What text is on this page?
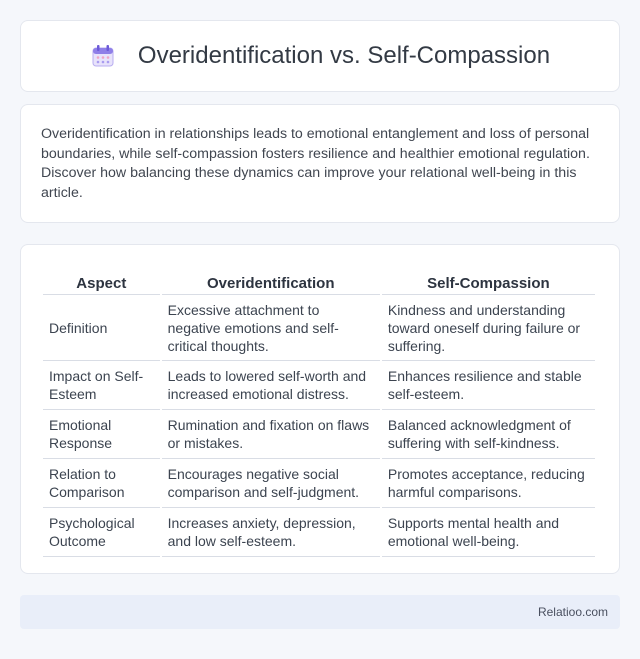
Overidentification vs. Self-Compassion

Overidentification in relationships leads to emotional entanglement and loss of personal boundaries, while self-compassion fosters resilience and healthier emotional regulation. Discover how balancing these dynamics can improve your relational well-being in this article.

Aspect	Overidentification	Self-Compassion
Definition	Excessive attachment to negative emotions and self-critical thoughts.	Kindness and understanding toward oneself during failure or suffering.
Impact on Self-Esteem	Leads to lowered self-worth and increased emotional distress.	Enhances resilience and stable self-esteem.
Emotional Response	Rumination and fixation on flaws or mistakes.	Balanced acknowledgment of suffering with self-kindness.
Relation to Comparison	Encourages negative social comparison and self-judgment.	Promotes acceptance, reducing harmful comparisons.
Psychological Outcome	Increases anxiety, depression, and low self-esteem.	Supports mental health and emotional well-being.
Relatioo.com
